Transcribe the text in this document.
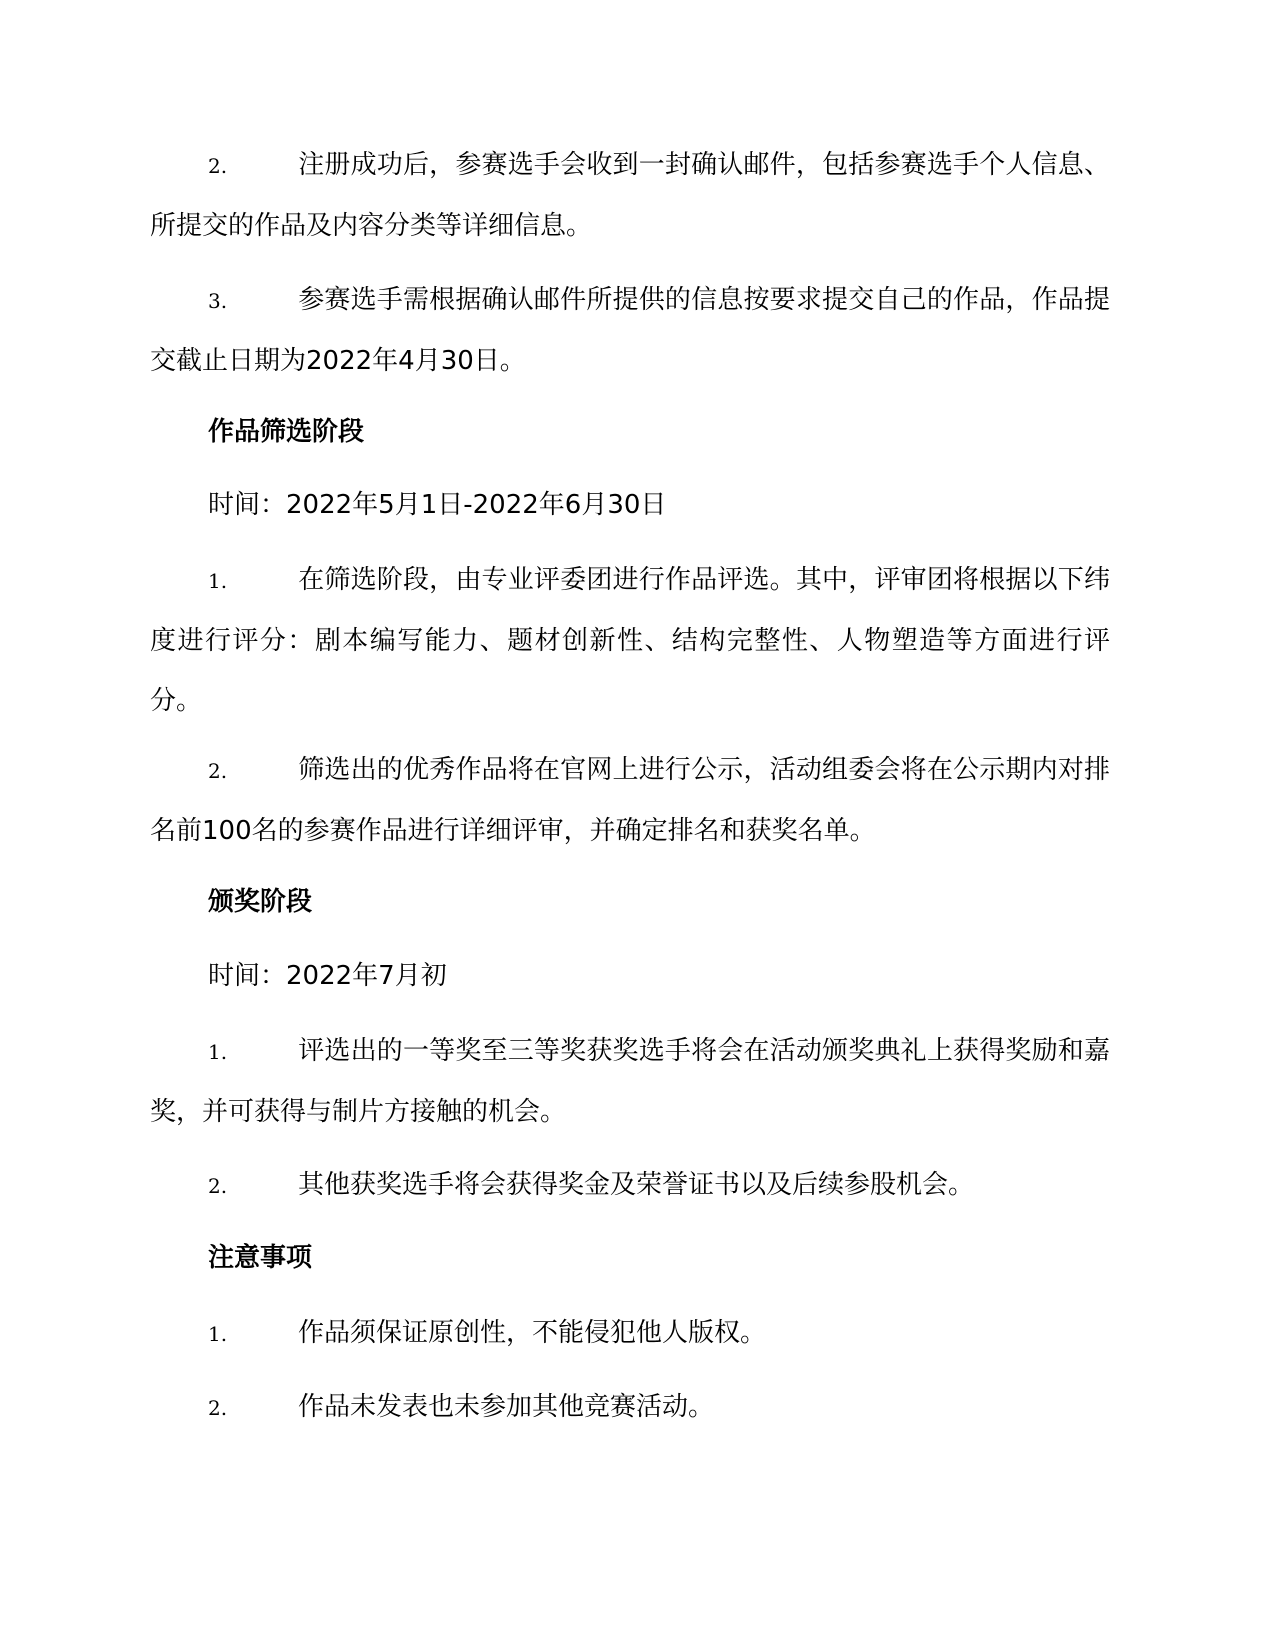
2.	注册成功后，参赛选手会收到一封确认邮件，包括参赛选手个人信息、所提交的作品及内容分类等详细信息。

3.	参赛选手需根据确认邮件所提供的信息按要求提交自己的作品，作品提交截止日期为2022年4月30日。

作品筛选阶段
时间：2022年5月1日-2022年6月30日

1.	在筛选阶段，由专业评委团进行作品评选。其中，评审团将根据以下纬度进行评分：剧本编写能力、题材创新性、结构完整性、人物塑造等方面进行评分。

2.	筛选出的优秀作品将在官网上进行公示，活动组委会将在公示期内对排名前100名的参赛作品进行详细评审，并确定排名和获奖名单。

颁奖阶段
时间：2022年7月初

1.	评选出的一等奖至三等奖获奖选手将会在活动颁奖典礼上获得奖励和嘉奖，并可获得与制片方接触的机会。

2.	其他获奖选手将会获得奖金及荣誉证书以及后续参股机会。

注意事项

1.	作品须保证原创性，不能侵犯他人版权。

2.	作品未发表也未参加其他竞赛活动。
